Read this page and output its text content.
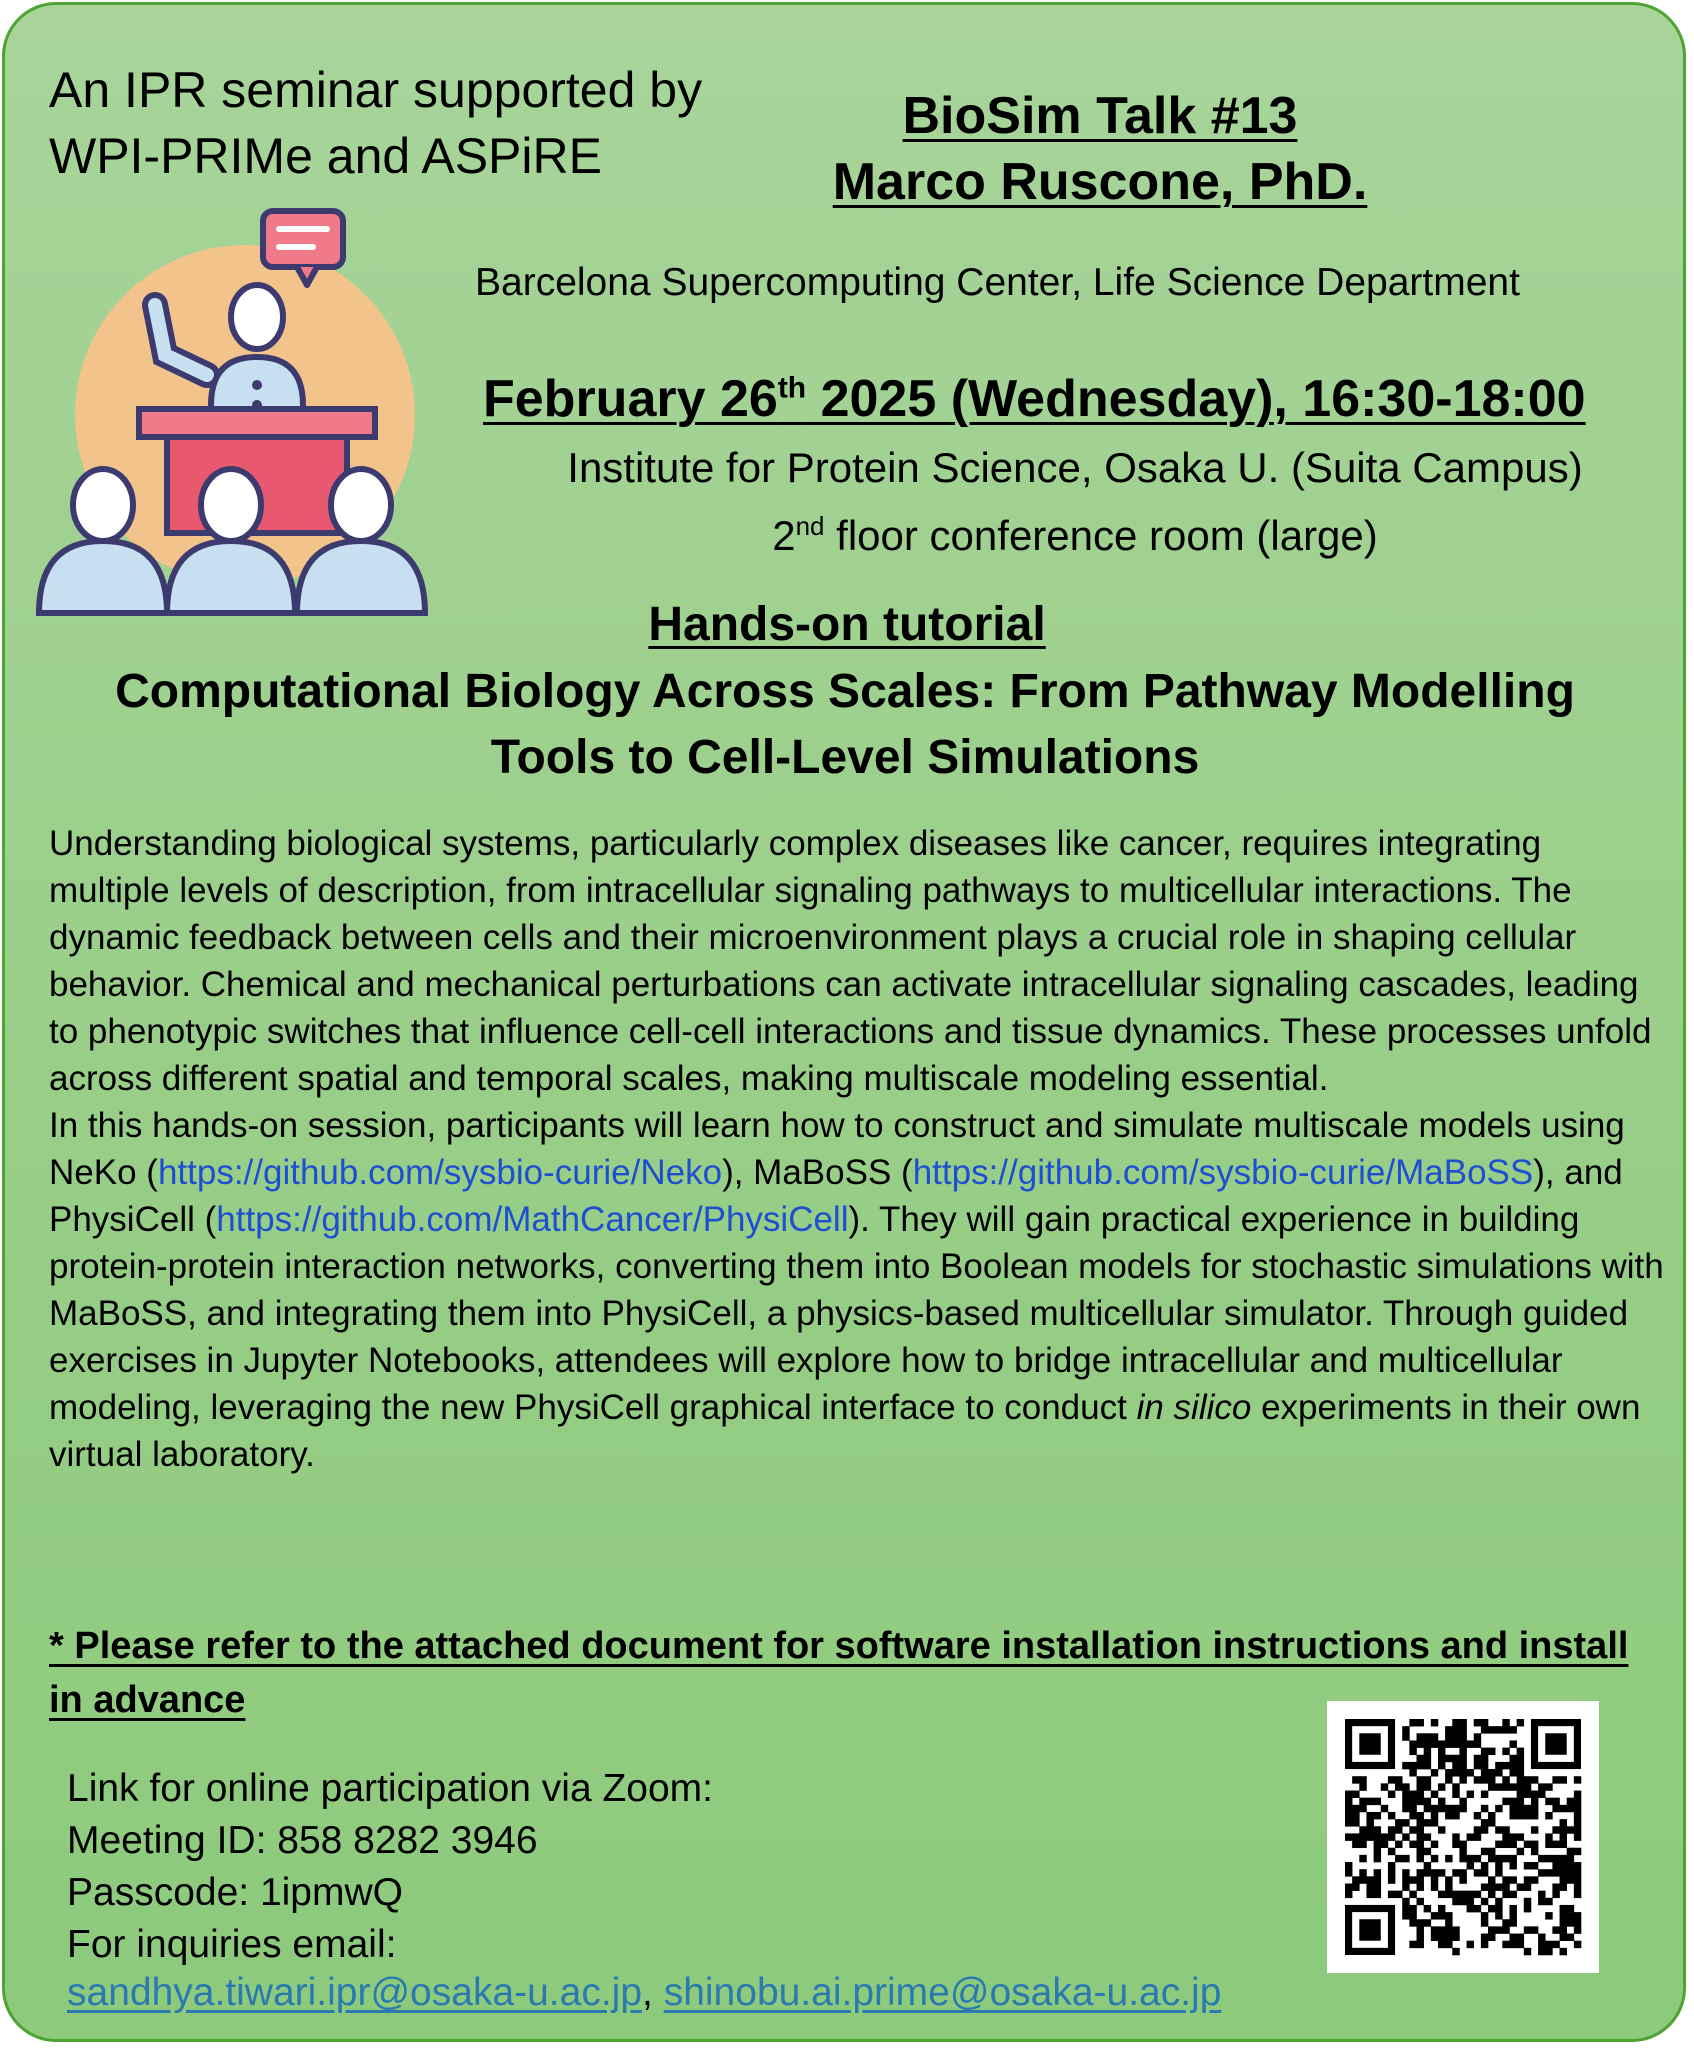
An IPR seminar supported by
WPI-PRIMe and ASPiRE
BioSim Talk #13
Marco Ruscone, PhD.
Barcelona Supercomputing Center, Life Science Department
February 26th 2025 (Wednesday), 16:30-18:00
Institute for Protein Science, Osaka U. (Suita Campus)
2nd floor conference room (large)
Hands-on tutorial
Computational Biology Across Scales: From Pathway Modelling Tools to Cell-Level Simulations

Understanding biological systems, particularly complex diseases like cancer, requires integrating multiple levels of description, from intracellular signaling pathways to multicellular interactions. The dynamic feedback between cells and their microenvironment plays a crucial role in shaping cellular behavior. Chemical and mechanical perturbations can activate intracellular signaling cascades, leading to phenotypic switches that influence cell-cell interactions and tissue dynamics. These processes unfold across different spatial and temporal scales, making multiscale modeling essential.

In this hands-on session, participants will learn how to construct and simulate multiscale models using NeKo (https://github.com/sysbio-curie/Neko), MaBoSS (https://github.com/sysbio-curie/MaBoSS), and PhysiCell (https://github.com/MathCancer/PhysiCell). They will gain practical experience in building protein-protein interaction networks, converting them into Boolean models for stochastic simulations with MaBoSS, and integrating them into PhysiCell, a physics-based multicellular simulator. Through guided exercises in Jupyter Notebooks, attendees will explore how to bridge intracellular and multicellular modeling, leveraging the new PhysiCell graphical interface to conduct in silico experiments in their own virtual laboratory.

* Please refer to the attached document for software installation instructions and install in advance
Link for online participation via Zoom:
Meeting ID: 858 8282 3946
Passcode: 1ipmwQ
For inquiries email:
sandhya.tiwari.ipr@osaka-u.ac.jp, shinobu.ai.prime@osaka-u.ac.jp
